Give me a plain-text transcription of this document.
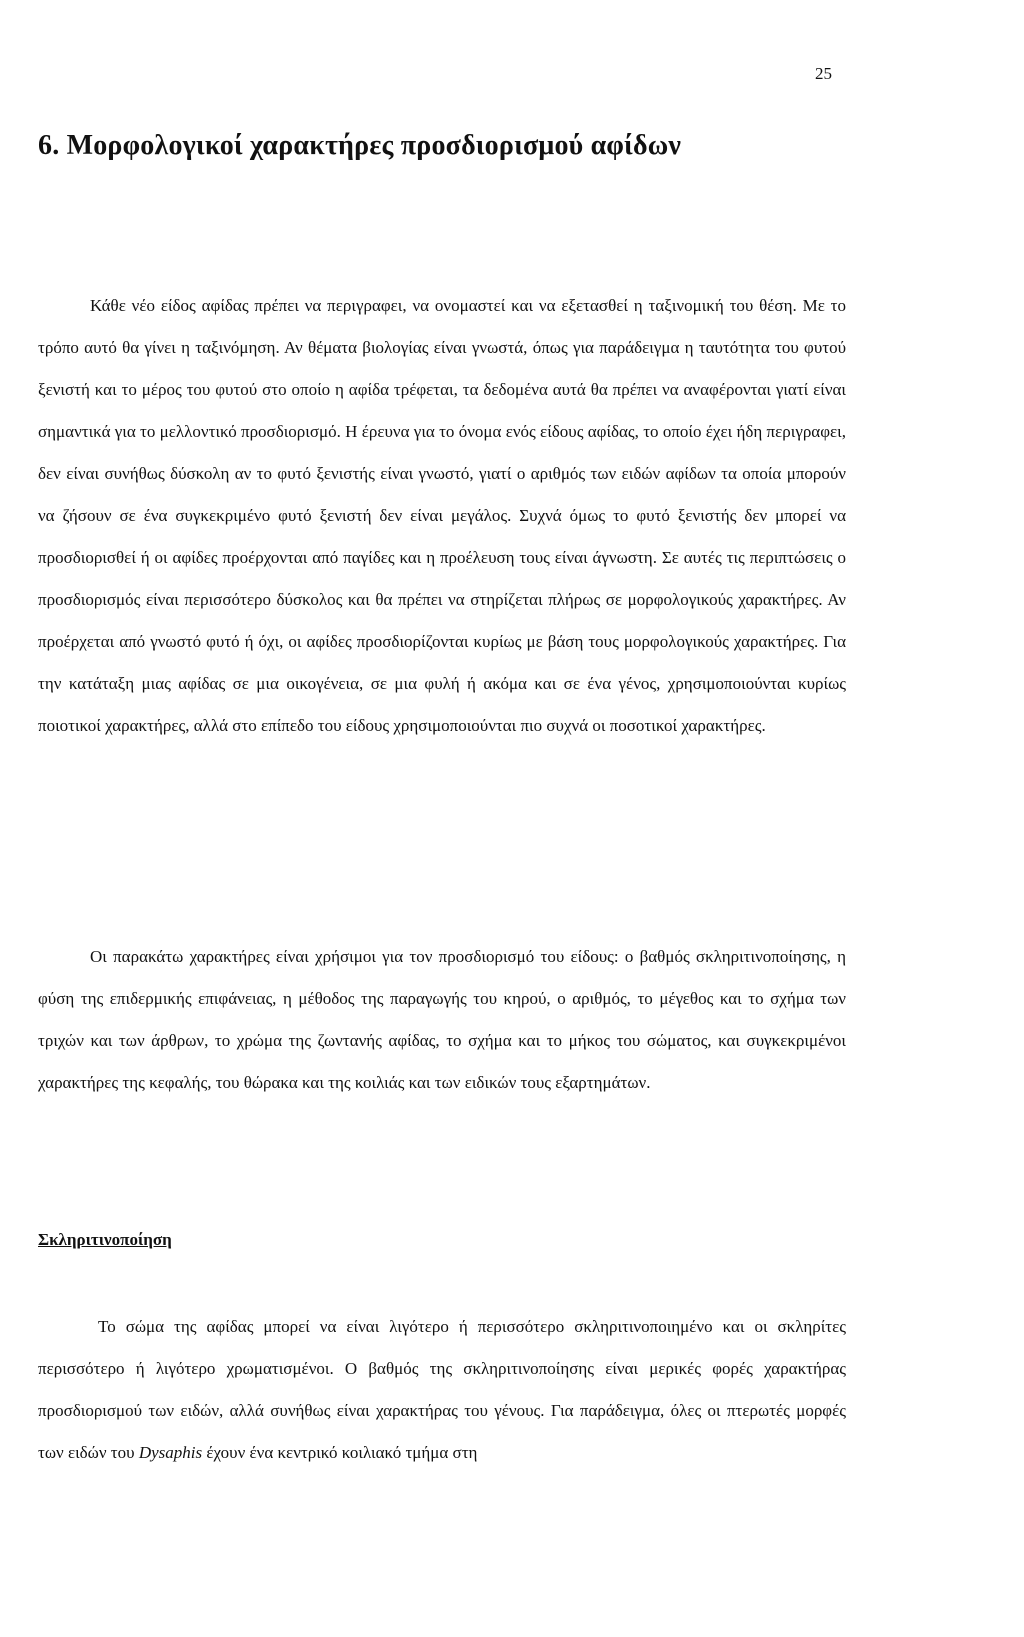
25
6. Μορφολογικοί χαρακτήρες προσδιορισμού αφίδων

Κάθε νέο είδος αφίδας πρέπει να περιγραφει, να ονομαστεί και να εξετασθεί η ταξινομική του θέση. Με το τρόπο αυτό θα γίνει η ταξινόμηση. Αν θέματα βιολογίας είναι γνωστά, όπως για παράδειγμα η ταυτότητα του φυτού ξενιστή και το μέρος του φυτού στο οποίο η αφίδα τρέφεται, τα δεδομένα αυτά θα πρέπει να αναφέρονται γιατί είναι σημαντικά για το μελλοντικό προσδιορισμό. Η έρευνα για το όνομα ενός είδους αφίδας, το οποίο έχει ήδη περιγραφει, δεν είναι συνήθως δύσκολη αν το φυτό ξενιστής είναι γνωστό, γιατί ο αριθμός των ειδών αφίδων τα οποία μπορούν να ζήσουν σε ένα συγκεκριμένο φυτό ξενιστή δεν είναι μεγάλος. Συχνά όμως το φυτό ξενιστής δεν μπορεί να προσδιορισθεί ή οι αφίδες προέρχονται από παγίδες και η προέλευση τους είναι άγνωστη. Σε αυτές τις περιπτώσεις ο προσδιορισμός είναι περισσότερο δύσκολος και θα πρέπει να στηρίζεται πλήρως σε μορφολογικούς χαρακτήρες. Αν προέρχεται από γνωστό φυτό ή όχι, οι αφίδες προσδιορίζονται κυρίως με βάση τους μορφολογικούς χαρακτήρες. Για την κατάταξη μιας αφίδας σε μια οικογένεια, σε μια φυλή ή ακόμα και σε ένα γένος, χρησιμοποιούνται κυρίως ποιοτικοί χαρακτήρες, αλλά στο επίπεδο του είδους χρησιμοποιούνται πιο συχνά οι ποσοτικοί χαρακτήρες.

Οι παρακάτω χαρακτήρες είναι χρήσιμοι για τον προσδιορισμό του είδους: ο βαθμός σκληριτινοποίησης, η φύση της επιδερμικής επιφάνειας, η μέθοδος της παραγωγής του κηρού, ο αριθμός, το μέγεθος και το σχήμα των τριχών και των άρθρων, το χρώμα της ζωντανής αφίδας, το σχήμα και το μήκος του σώματος, και συγκεκριμένοι χαρακτήρες της κεφαλής, του θώρακα και της κοιλιάς και των ειδικών τους εξαρτημάτων.

Σκληριτινοποίηση

Το σώμα της αφίδας μπορεί να είναι λιγότερο ή περισσότερο σκληριτινοποιημένο και οι σκληρίτες περισσότερο ή λιγότερο χρωματισμένοι. Ο βαθμός της σκληριτινοποίησης είναι μερικές φορές χαρακτήρας προσδιορισμού των ειδών, αλλά συνήθως είναι χαρακτήρας του γένους. Για παράδειγμα, όλες οι πτερωτές μορφές των ειδών του Dysaphis έχουν ένα κεντρικό κοιλιακό τμήμα στη
